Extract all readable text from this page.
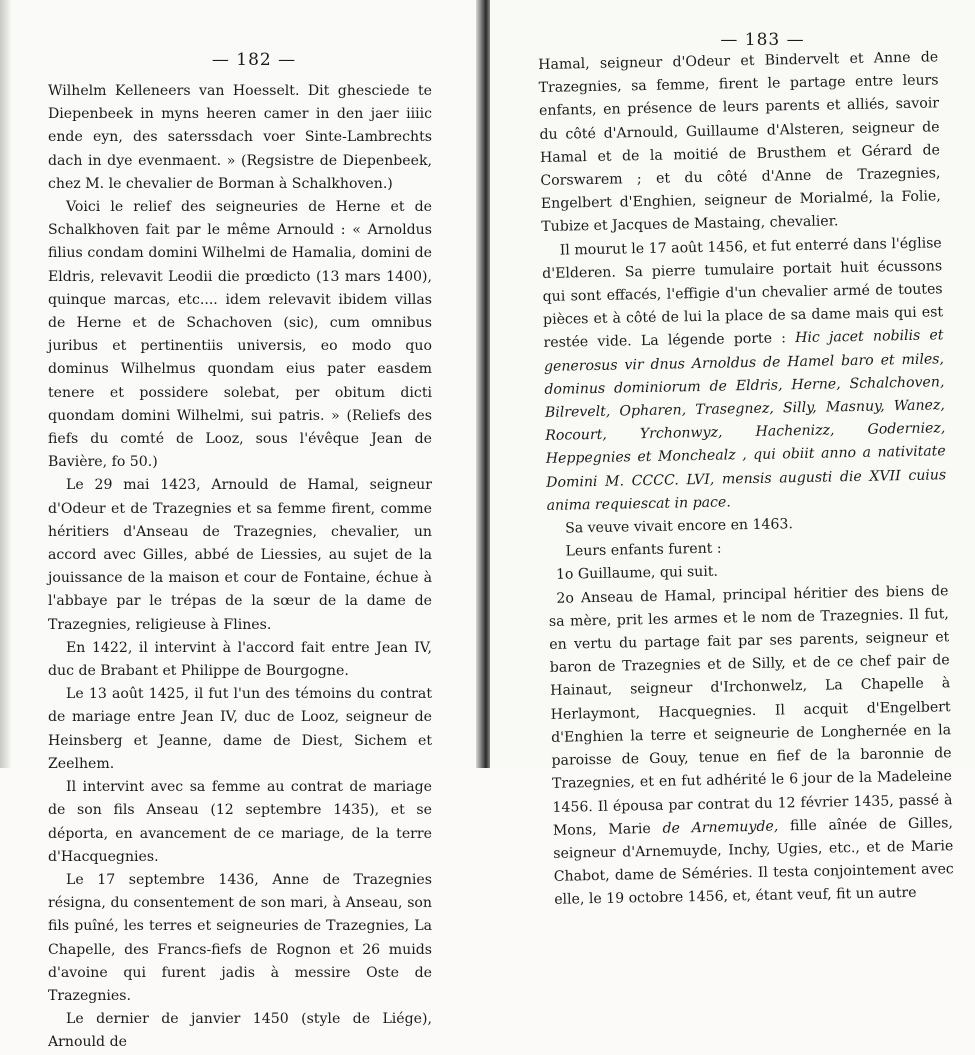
— 182 —

Wilhelm Kelleneers van Hoesselt. Dit ghesciede te Diepenbeek in myns heeren camer in den jaer iiiic ende eyn, des saterssdach voer Sinte-Lambrechts dach in dye evenmaent. » (Regsistre de Diepenbeek, chez M. le chevalier de Borman à Schalkhoven.)

Voici le relief des seigneuries de Herne et de Schalkhoven fait par le même Arnould : « Arnoldus filius condam domini Wilhelmi de Hamalia, domini de Eldris, relevavit Leodii die prœdicto (13 mars 1400), quinque marcas, etc.... idem relevavit ibidem villas de Herne et de Schachoven (sic), cum omnibus juribus et pertinentiis universis, eo modo quo dominus Wilhelmus quondam eius pater easdem tenere et possidere solebat, per obitum dicti quondam domini Wilhelmi, sui patris. » (Reliefs des fiefs du comté de Looz, sous l'évêque Jean de Bavière, fo 50.)

Le 29 mai 1423, Arnould de Hamal, seigneur d'Odeur et de Trazegnies et sa femme firent, comme héritiers d'Anseau de Trazegnies, chevalier, un accord avec Gilles, abbé de Liessies, au sujet de la jouissance de la maison et cour de Fontaine, échue à l'abbaye par le trépas de la sœur de la dame de Trazegnies, religieuse à Flines.

En 1422, il intervint à l'accord fait entre Jean IV, duc de Brabant et Philippe de Bourgogne.

Le 13 août 1425, il fut l'un des témoins du contrat de mariage entre Jean IV, duc de Looz, seigneur de Heinsberg et Jeanne, dame de Diest, Sichem et Zeelhem.

Il intervint avec sa femme au contrat de mariage de son fils Anseau (12 septembre 1435), et se déporta, en avancement de ce mariage, de la terre d'Hacquegnies.

Le 17 septembre 1436, Anne de Trazegnies résigna, du consentement de son mari, à Anseau, son fils puîné, les terres et seigneuries de Trazegnies, La Chapelle, des Francs-fiefs de Rognon et 26 muids d'avoine qui furent jadis à messire Oste de Trazegnies.

Le dernier de janvier 1450 (style de Liége), Arnould de

— 183 —

Hamal, seigneur d'Odeur et Bindervelt et Anne de Trazegnies, sa femme, firent le partage entre leurs enfants, en présence de leurs parents et alliés, savoir du côté d'Arnould, Guillaume d'Alsteren, seigneur de Hamal et de la moitié de Brusthem et Gérard de Corswarem ; et du côté d'Anne de Trazegnies, Engelbert d'Enghien, seigneur de Morialmé, la Folie, Tubize et Jacques de Mastaing, chevalier.

Il mourut le 17 août 1456, et fut enterré dans l'église d'Elderen. Sa pierre tumulaire portait huit écussons qui sont effacés, l'effigie d'un chevalier armé de toutes pièces et à côté de lui la place de sa dame mais qui est restée vide. La légende porte : Hic jacet nobilis et generosus vir dnus Arnoldus de Hamel baro et miles, dominus dominiorum de Eldris, Herne, Schalchoven, Bilrevelt, Opharen, Trasegnez, Silly, Masnuy, Wanez, Rocourt, Yrchonwyz, Hachenizz, Goderniez, Heppegnies et Monchealz , qui obiit anno a nativitate Domini M. CCCC. LVI, mensis augusti die XVII cuius anima requiescat in pace.

Sa veuve vivait encore en 1463.

Leurs enfants furent :

1o Guillaume, qui suit.

2o Anseau de Hamal, principal héritier des biens de sa mère, prit les armes et le nom de Trazegnies. Il fut, en vertu du partage fait par ses parents, seigneur et baron de Trazegnies et de Silly, et de ce chef pair de Hainaut, seigneur d'Irchonwelz, La Chapelle à Herlaymont, Hacquegnies. Il acquit d'Engelbert d'Enghien la terre et seigneurie de Longhernée en la paroisse de Gouy, tenue en fief de la baronnie de Trazegnies, et en fut adhérité le 6 jour de la Madeleine 1456. Il épousa par contrat du 12 février 1435, passé à Mons, Marie de Arnemuyde, fille aînée de Gilles, seigneur d'Arnemuyde, Inchy, Ugies, etc., et de Marie Chabot, dame de Séméries. Il testa conjointement avec elle, le 19 octobre 1456, et, étant veuf, fit un autre
